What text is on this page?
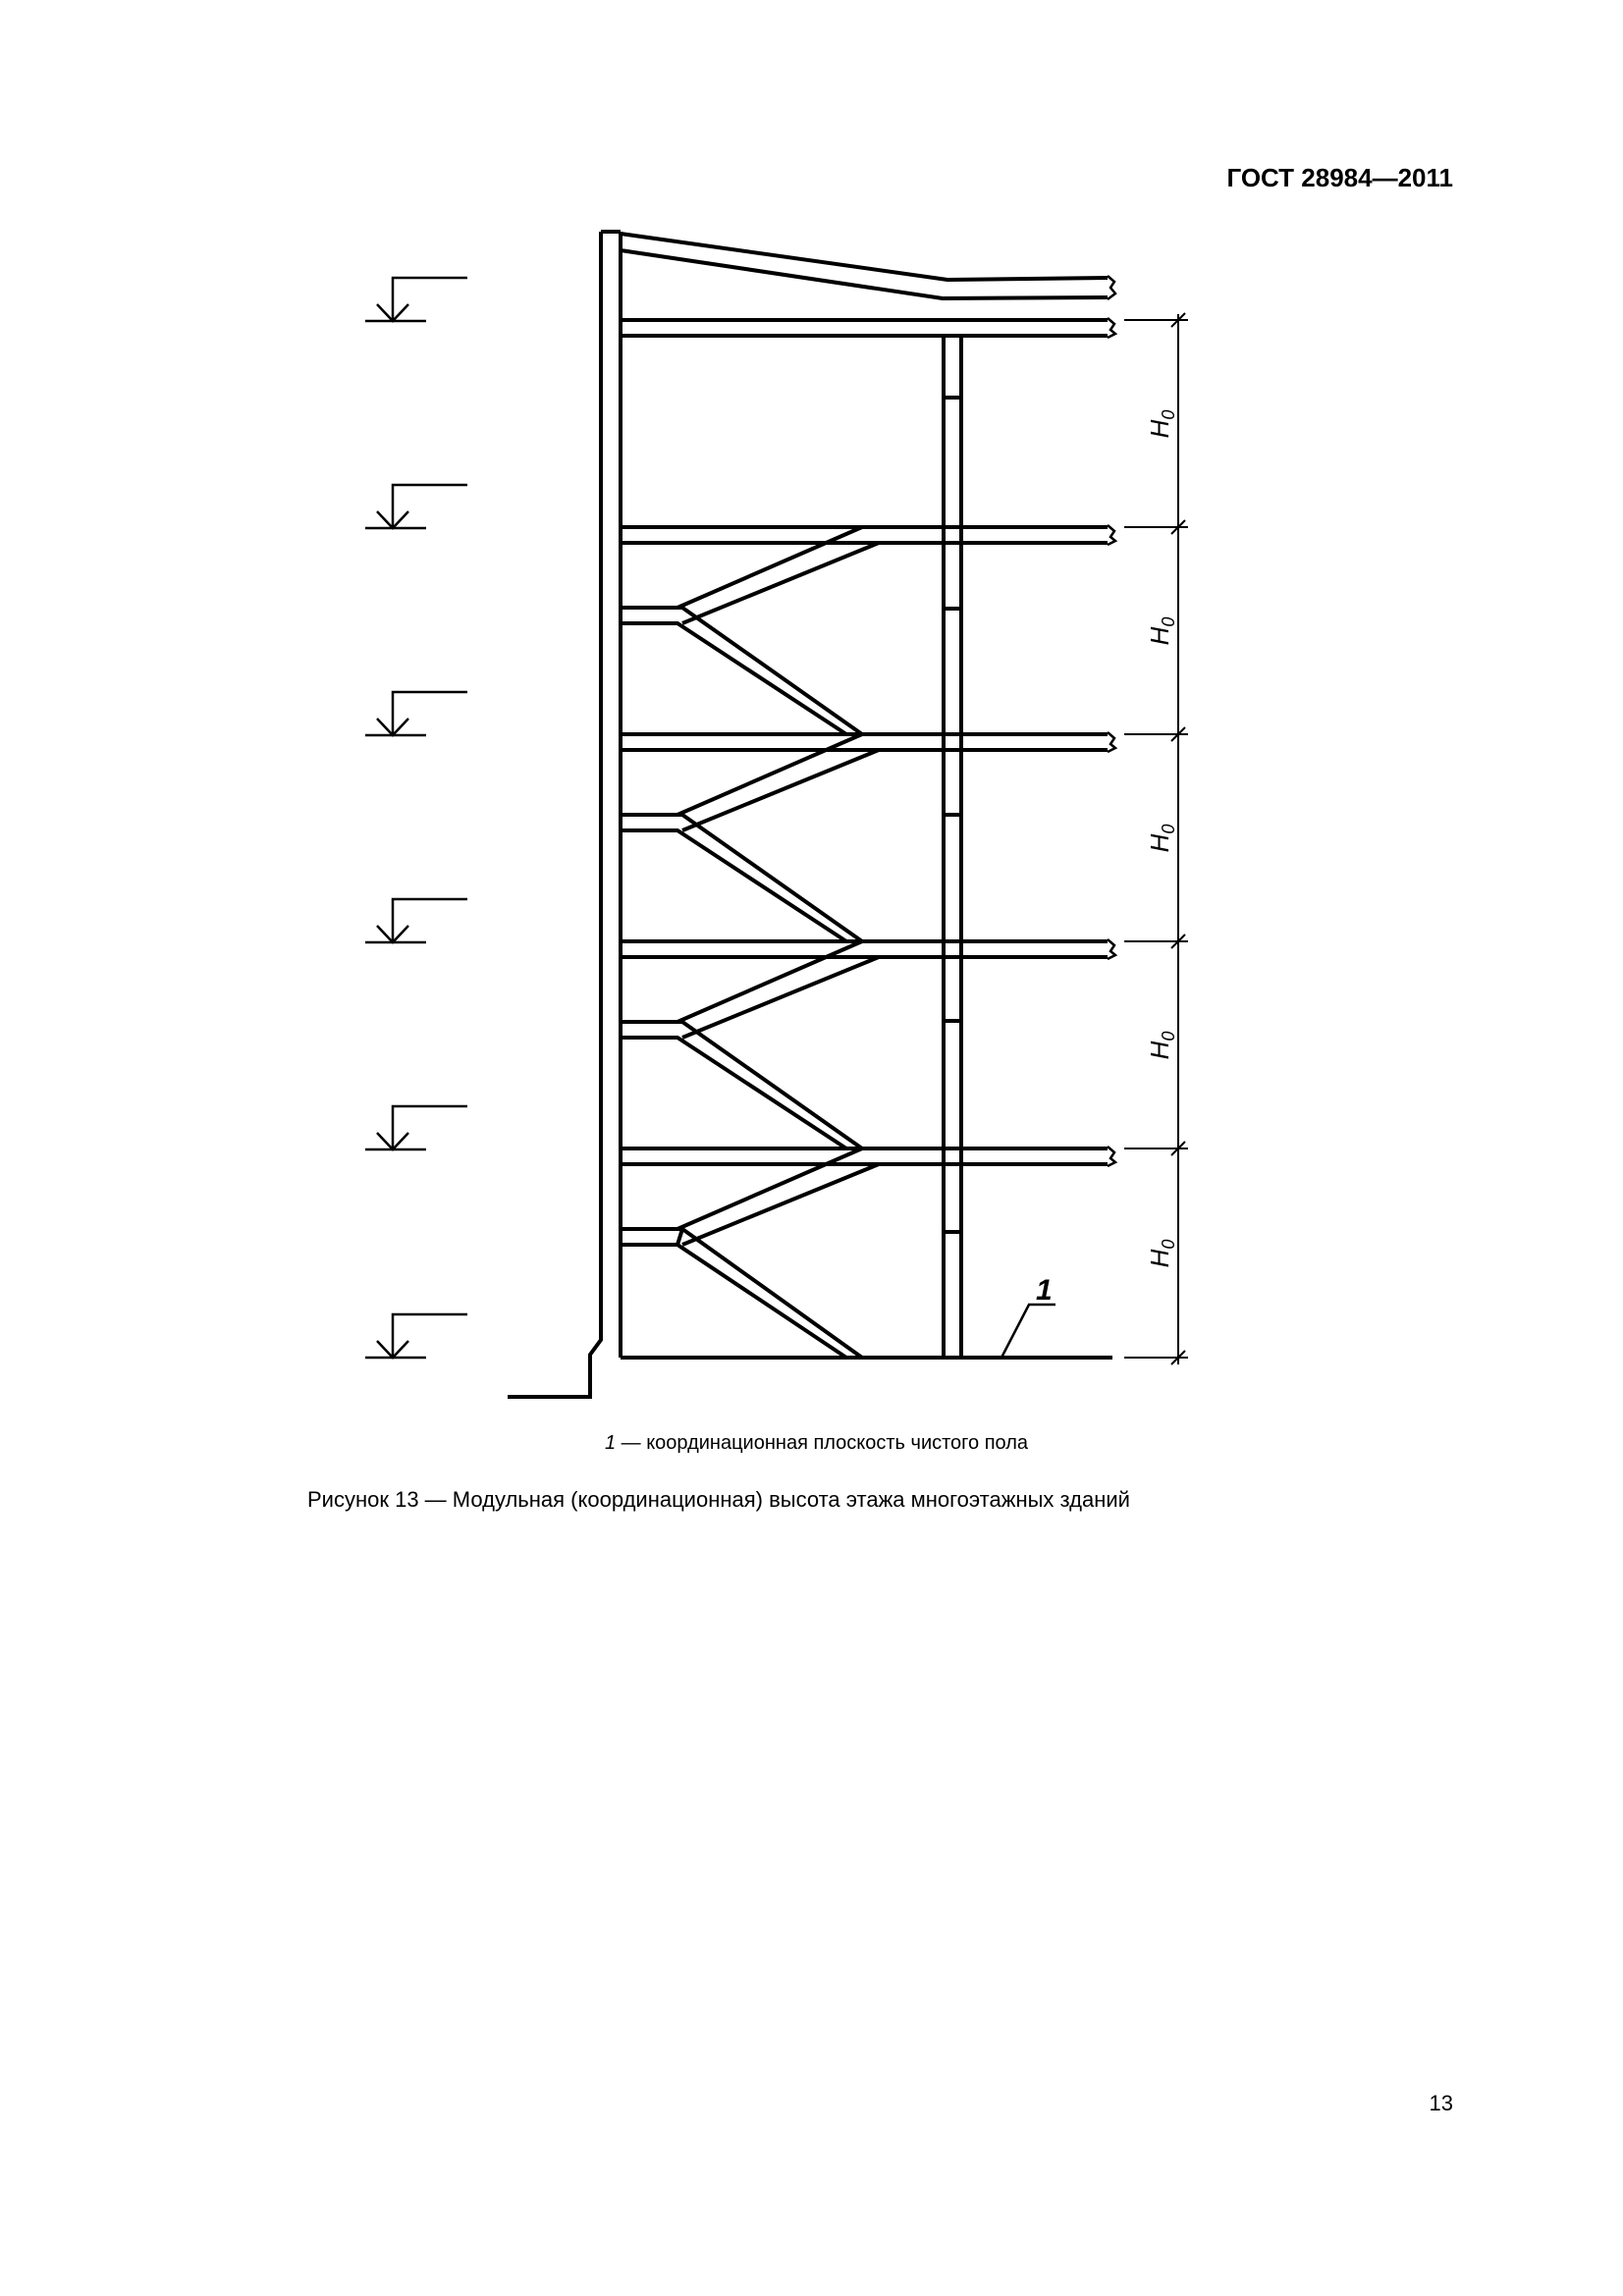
ГОСТ 28984—2011
$H_0$
$H_0$
$H_0$
$H_0$
$H_0$
1
1 — координационная плоскость чистого пола
Рисунок 13 — Модульная (координационная) высота этажа многоэтажных зданий
13
